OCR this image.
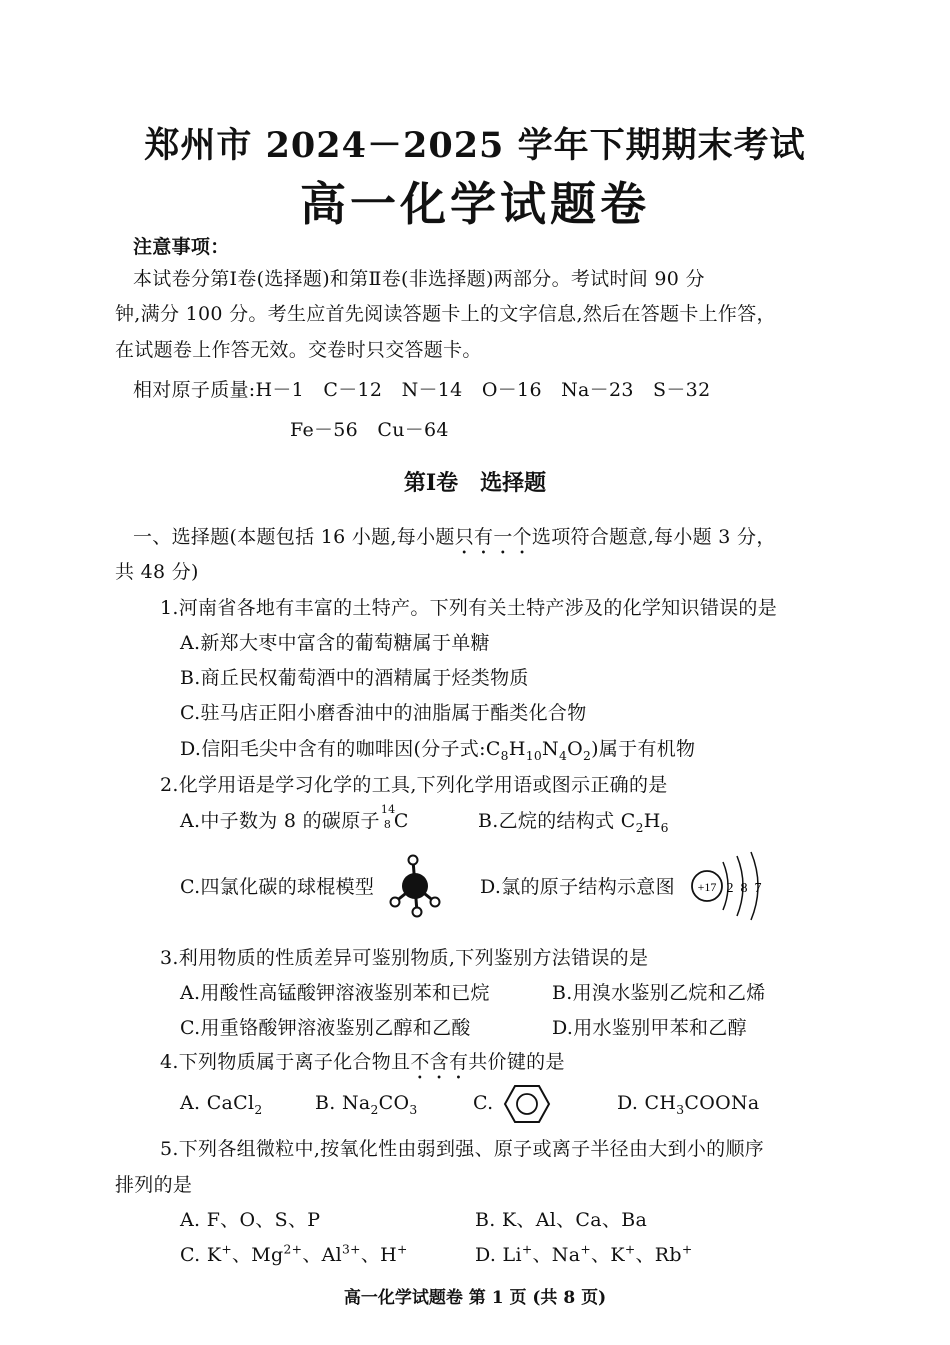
郑州市 2024－2025 学年下期期末考试
高一化学试题卷
注意事项：
本试卷分第Ⅰ卷(选择题)和第Ⅱ卷(非选择题)两部分。考试时间 90 分
钟,满分 100 分。考生应首先阅读答题卡上的文字信息,然后在答题卡上作答，
在试题卷上作答无效。交卷时只交答题卡。
相对原子质量:H－1　C－12　N－14　O－16　Na－23　S－32
Fe－56　Cu－64
第Ⅰ卷　选择题
一、选择题(本题包括 16 小题,每小题只有一个选项符合题意,每小题 3 分，
共 48 分)
1.河南省各地有丰富的土特产。下列有关土特产涉及的化学知识错误的是
A.新郑大枣中富含的葡萄糖属于单糖
B.商丘民权葡萄酒中的酒精属于烃类物质
C.驻马店正阳小磨香油中的油脂属于酯类化合物
D.信阳毛尖中含有的咖啡因(分子式$:C_8H_{10}N_4O_2$)属于有机物
2.化学用语是学习化学的工具,下列化学用语或图示正确的是
A.中子数为 8 的碳原子
14
8 C	B.乙烷的结构式 $C_2H_6$
C.四氯化碳的球棍模型	D.氯的原子结构示意图 +17 2 8 7
3.利用物质的性质差异可鉴别物质,下列鉴别方法错误的是
A.用酸性高锰酸钾溶液鉴别苯和已烷	B.用溴水鉴别乙烷和乙烯
C.用重铬酸钾溶液鉴别乙醇和乙酸	D.用水鉴别甲苯和乙醇
4.下列物质属于离子化合物且不含有共价键的是
A. CaCl$_2$	B. $Na_2CO_3$	C.	D. $CH_3COONa$
5.下列各组微粒中,按氧化性由弱到强、原子或离子半径由大到小的顺序
排列的是
A. F、O、S、P	B. K、Al、Ca、Ba
C. K+、$Mg^{2+}$、$Al^{3+}$、H+	D. Li+、Na+、K+、Rb+
高一化学试题卷 第 1 页 (共 8 页)
